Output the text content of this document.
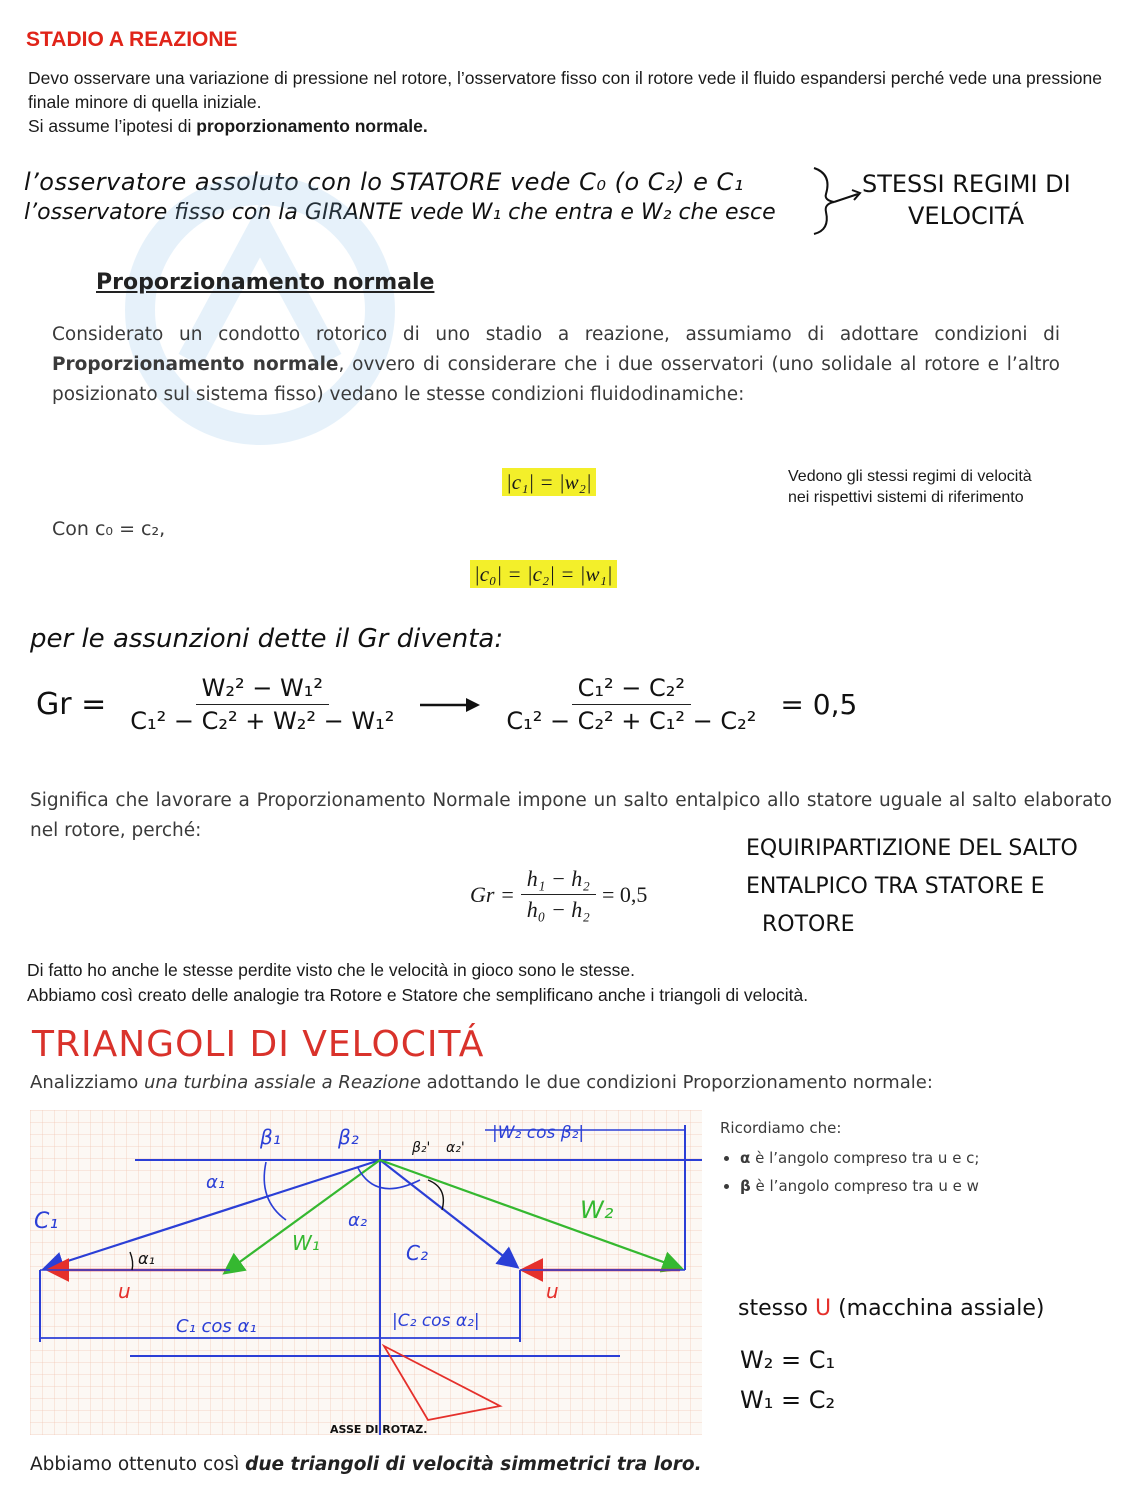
STADIO A REAZIONE
Devo osservare una variazione di pressione nel rotore, l’osservatore fisso con il rotore vede il fluido espandersi perché vede una pressione finale minore di quella iniziale.
Si assume l’ipotesi di proporzionamento normale.
l’osservatore assoluto con lo STATORE vede C₀ (o C₂) e C₁
l’osservatore fisso con la GIRANTE vede W₁ che entra e W₂ che esce
STESSI REGIMI DI
VELOCITÁ
Proporzionamento normale
Considerato un condotto rotorico di uno stadio a reazione, assumiamo di adottare condizioni di Proporzionamento normale, ovvero di considerare che i due osservatori (uno solidale al rotore e l’altro posizionato sul sistema fisso) vedano le stesse condizioni fluidodinamiche:
|c₁| = |w₂|	Vedono gli stessi regimi di velocità
nei rispettivi sistemi di riferimento
Con c₀ = c₂,
|c₀| = |c₂| = |w₁|
per le assunzioni dette il Gr diventa:
$Gr = \frac{\text{W₂² − W₁²}}{\text{C₁² − C₂² + W₂² − W₁²}}$	$\frac{\text{C₁² − C₂²}}{\text{C₁² − C₂² + C₁² − C₂²}} = 0,5$
Significa che lavorare a Proporzionamento Normale impone un salto entalpico allo statore uguale al salto elaborato nel rotore, perché:
$Gr = \frac{\text{h₁ − h₂}}{\text{h₀ − h₂}} = 0,5$
EQUIRIPARTIZIONE DEL SALTO
ENTALPICO TRA STATORE E
ROTORE
Di fatto ho anche le stesse perdite visto che le velocità in gioco sono le stesse.
Abbiamo così creato delle analogie tra Rotore e Statore che semplificano anche i triangoli di velocità.
TRIANGOLI DI VELOCITÁ
Analizziamo una turbina assiale a Reazione adottando le due condizioni Proporzionamento normale:
β₁	β₂	β₂' α₂'
|W₂ cos β₂|
α₁
α₂
C₁
W₁	C₂
W₂
α₁
u	u
C₁ cos α₁	|C₂ cos α₂|
ASSE DI ROTAZ.
Ricordiamo che:
• α è l’angolo compreso tra u e c;
• β è l’angolo compreso tra u e w
stesso U (macchina assiale)
W₂ = C₁
W₁ = C₂
Abbiamo ottenuto così due triangoli di velocità simmetrici tra loro.
